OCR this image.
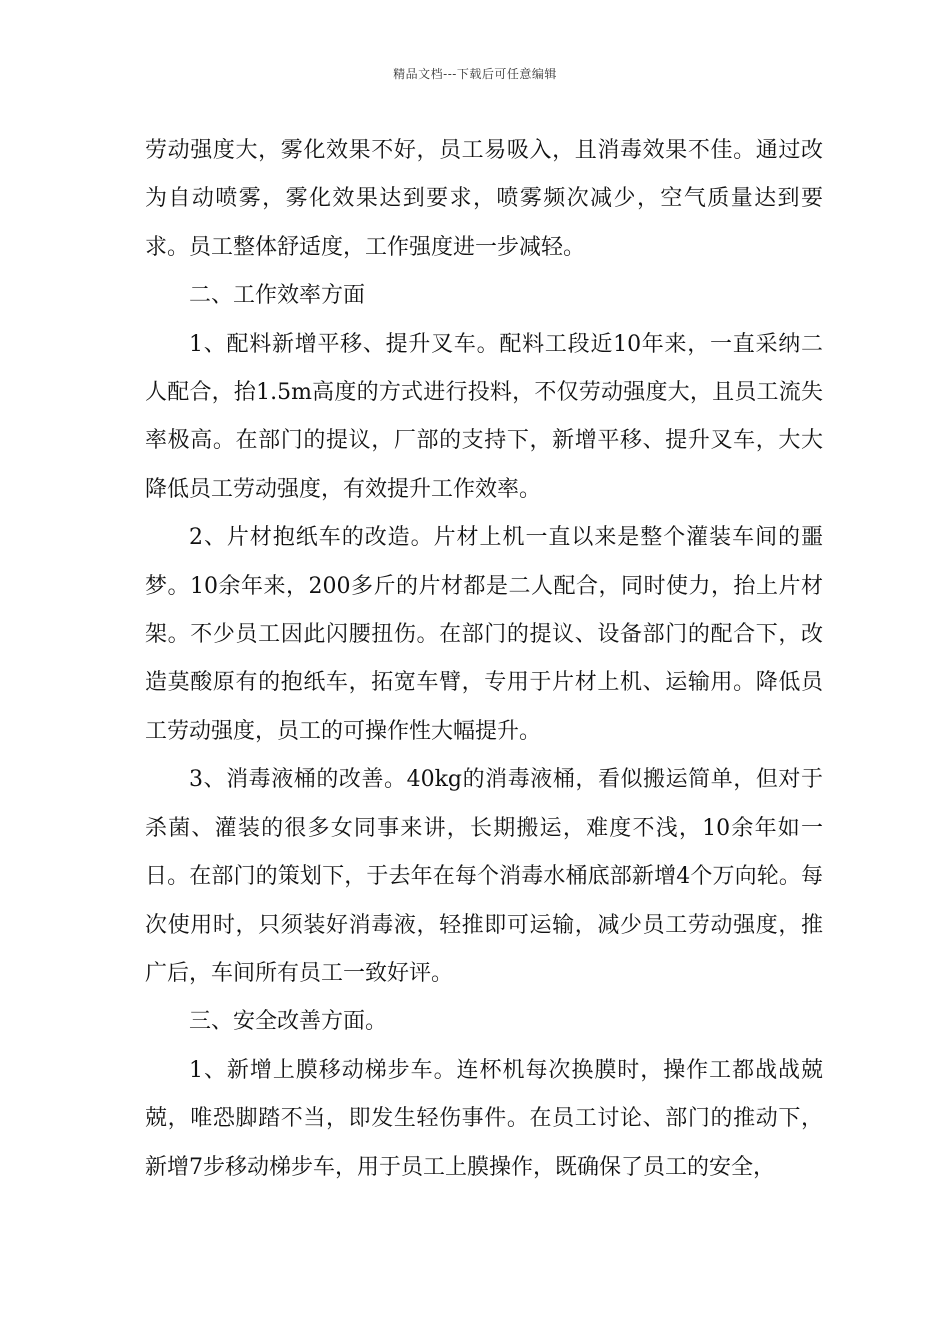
精品文档---下载后可任意编辑

劳动强度大，雾化效果不好，员工易吸入，且消毒效果不佳。通过改为自动喷雾，雾化效果达到要求，喷雾频次减少，空气质量达到要求。员工整体舒适度，工作强度进一步减轻。

二、工作效率方面

1、配料新增平移、提升叉车。配料工段近10年来，一直采纳二人配合，抬1.5m高度的方式进行投料，不仅劳动强度大，且员工流失率极高。在部门的提议，厂部的支持下，新增平移、提升叉车，大大降低员工劳动强度，有效提升工作效率。

2、片材抱纸车的改造。片材上机一直以来是整个灌装车间的噩梦。10余年来，200多斤的片材都是二人配合，同时使力，抬上片材架。不少员工因此闪腰扭伤。在部门的提议、设备部门的配合下，改造莫酸原有的抱纸车，拓宽车臂，专用于片材上机、运输用。降低员工劳动强度，员工的可操作性大幅提升。

3、消毒液桶的改善。40kg的消毒液桶，看似搬运简单，但对于杀菌、灌装的很多女同事来讲，长期搬运，难度不浅，10余年如一日。在部门的策划下，于去年在每个消毒水桶底部新增4个万向轮。每次使用时，只须装好消毒液，轻推即可运输，减少员工劳动强度，推广后，车间所有员工一致好评。

三、安全改善方面。

1、新增上膜移动梯步车。连杯机每次换膜时，操作工都战战兢兢，唯恐脚踏不当，即发生轻伤事件。在员工讨论、部门的推动下，新增7步移动梯步车，用于员工上膜操作，既确保了员工的安全，
